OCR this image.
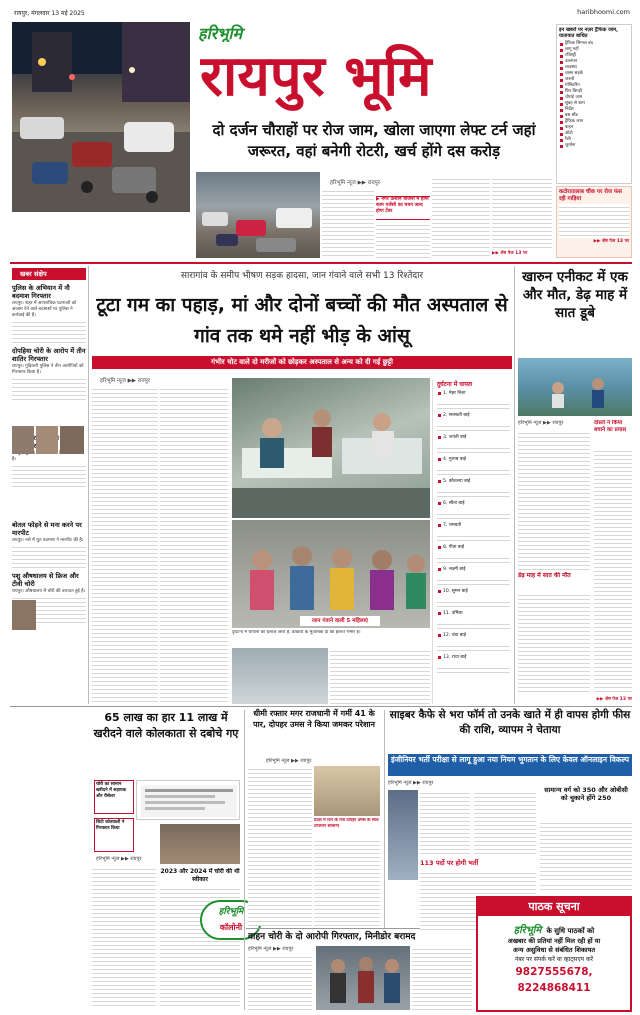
रायपुर, मंगलवार 13 मई 2025	haribhoomi.com
हरिभूमि
रायपुर भूमि
इन खबरों पर नज़र ट्रैफिक जाम, यातायात बाधित
ट्रैफिक सिग्नल बंद
लागू नहीं
रजिस्ट्री
उल्लंघन
व्यवस्था
व्यस्त सड़कें
जरूरी
मॉनिटरिंग
फिर बिगड़ी
चौराहे जाम
सुबह से शाम
निर्देश
बस स्टैंड
ट्रैफिक जाम
वाहन
ऑटो
रैली
जुर्माना
दो दर्जन चौराहों पर रोज जाम, खोला जाएगा लेफ्ट टर्न जहां जरूरत, वहां बनेगी रोटरी, खर्च होंगे दस करोड़
हरिभूमि न्यूज ▶▶ रायपुर
▶ नगर उत्थान योजना में होगा काम एजेंसी का चयन जल्द होगा टेंडर
▶▶ शेष पेज 13 पर
कटोरातालाब चौक पर रोज फंस रही गाड़ियां
▶▶ शेष पेज 13 पर
खबर संक्षेप
पुलिस के अभियान में नौ बदमाश गिरफ्तार
रायपुर। शहर में आपराधिक घटनाओं को अंजाम देने वाले बदमाशों पर पुलिस ने कार्रवाई की है।
दोपहिया चोरी के आरोप में तीन शातिर गिरफ्तार
रायपुर। गुढ़ियारी पुलिस ने तीन आरोपियों को गिरफ्तार किया है।
है।
बोतल फोड़ने से मना करने पर मारपीट
रायपुर। नशे में धुत बदमाश ने मारपीट की है।
पशु औषधालय से फ्रिज और टीवी चोरी
रायपुर। औषधालय में चोरी की वारदात हुई है।
सारागांव के समीप भीषण सड़क हादसा, जान गंवाने वाले सभी 13 रिश्तेदार
टूटा गम का पहाड़, मां और दोनों बच्चों की मौत अस्पताल से गांव तक थमे नहीं भीड़ के आंसू
गंभीर चोट वाले दो मरीजों को छोड़कर अस्पताल से अन्य को दी गई छुट्टी
हरिभूमि न्यूज ▶▶ रायपुर
जान गंवाने वाली 5 महिलाएं
दुर्घटना में घायलों का इलाज जारी है, डॉक्टरों के मुताबिक दो की हालत गंभीर है।
दुर्घटना में घायल
1. मेहर निशा
2. सरस्वती बाई
3. जयंती बाई
4. गुलाब बाई
5. कौशल्या बाई
6. सीता बाई
7. रामबती
8. गीता बाई
9. लक्ष्मी बाई
10. सुमन बाई
11. उर्मिला
12. चंदा बाई
13. राधा बाई
खारुन एनीकट में एक और मौत, डेढ़ माह में सात डूबे
हरिभूमि न्यूज ▶▶ रायपुर
डेढ़ माह में सात की मौत
दोस्तों ने किया बचाने का प्रयास
▶▶ शेष पेज 13 पर
65 लाख का हार 11 लाख में खरीदने वाले कोलकाता से दबोचे गए
चोरी का सामान खरीदने में सहायक और रीसेलर
सिटी कोतवाली ने गिरफ्तार किया
हरिभूमि न्यूज ▶▶ रायपुर
2023 और 2024 में चोरी की थी स्वीकार
हरिभूमि
कॉलोनी
धीमी रफ्तार मगर राजधानी में गर्मी 41 के पार, दोपहर उमस ने किया जमकर परेशान
हरिभूमि न्यूज ▶▶ रायपुर
प्रदेश में दिन के तेज दोपहर उमस के साथ तापमान सामान्य
वाहन चोरी के दो आरोपी गिरफ्तार, मिनीडोर बरामद
हरिभूमि न्यूज ▶▶ रायपुर
साइबर कैफे से भरा फॉर्म तो उनके खाते में ही वापस होगी फीस की राशि, व्यापम ने चेताया
इंजीनियर भर्ती परीक्षा से लागू हुआ नया नियम भुगतान के लिए केवल ऑनलाइन विकल्प
हरिभूमि न्यूज ▶▶ रायपुर
सामान्य वर्ग को 350 और ओबीसी को चुकाने होंगे 250
113 पदों पर होगी भर्ती
पाठक सूचना
हरिभूमि के सुधि पाठकों को
अखबार की प्रतियां नहीं मिल रही हों या
अन्य असुविधा से संबंधित शिकायत
नंबर पर संपर्क करें या व्हाट्सएप करें
9827555678, 8224868411
